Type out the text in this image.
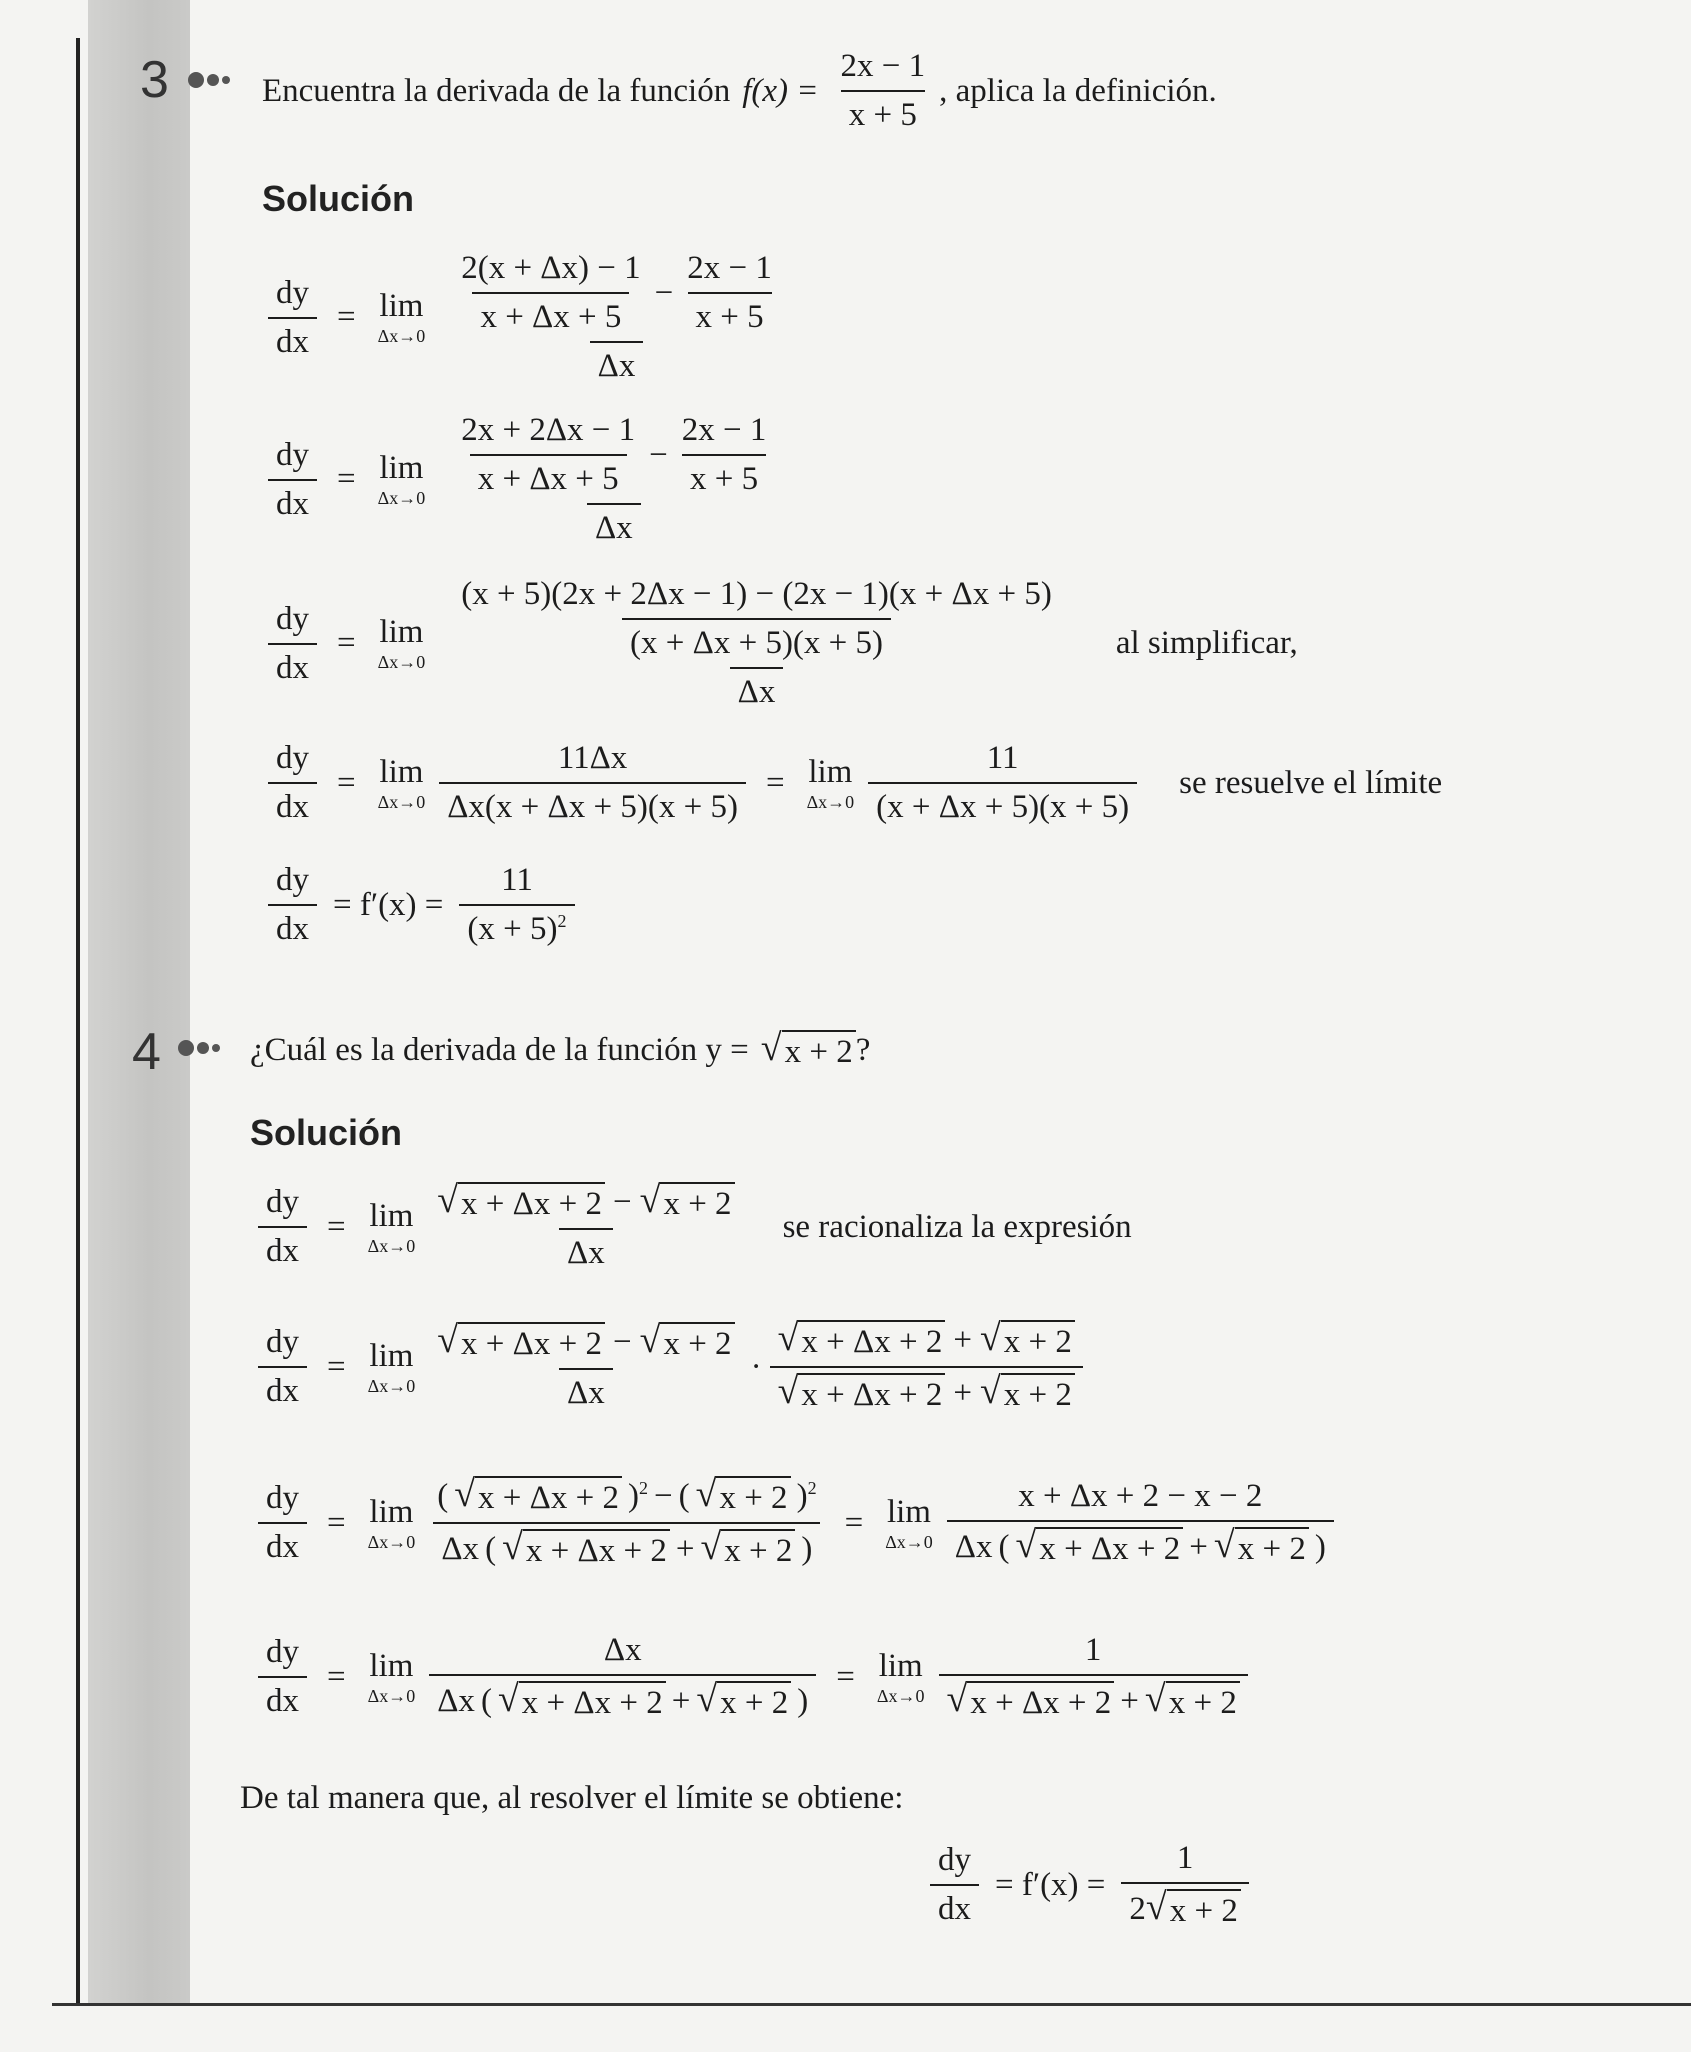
3	Encuentra la derivada de la función $f(x) = \frac{2x - 1}{x + 5}$ , aplica la definición.
Solución
$\frac{dy}{dx} = \lim$
$\Delta x\to 0 \frac{\frac{2(x + \Delta x) - 1}{x + \Delta x + 5} - \frac{2x - 1}{x + 5}}{\Delta x}$
$\frac{dy}{dx} = \lim$
$\Delta x\to 0 \frac{\frac{2x + 2\Delta x - 1}{x + \Delta x + 5} - \frac{2x - 1}{x + 5}}{\Delta x}$
$\frac{dy}{dx} = \lim$
$\Delta x\to 0 \frac{(x + 5)(2x + 2\Delta x - 1) - (2x - 1)(x + \Delta x + 5)}{(x + \Delta x + 5)(x + 5)}$
Δx
al simplificar,
$\frac{dy}{dx} = \lim$
$\Delta x\to 0 \frac{11\Delta x}{\Delta x(x + \Delta x + 5)(x + 5)} = \lim$
$\Delta x\to 0 \frac{11}{(x + \Delta x + 5)(x + 5)}$ se resuelve el límite
$\frac{dy}{dx} = f'(x) = \frac{11}{(x + 5)^2}$
4	¿Cuál es la derivada de la función y = √ x + 2 ?
Solución
$\frac{dy}{dx} = \lim$
$\Delta x\to 0 \frac{√ x + \Delta x + 2 - √ x + 2}{\Delta x}$ se racionaliza la expresión
$\frac{dy}{dx} = \lim$
$\Delta x\to 0 \frac{√ x + \Delta x + 2 - √ x + 2}{\Delta x} \cdot \frac{√ x + \Delta x + 2 + √ x + 2}{√ x + \Delta x + 2 + √ x + 2}$
$\frac{dy}{dx} = \lim$
$\Delta x\to 0 \frac{( √ x + \Delta x + 2 )^2 - ( √ x + 2 )^2}{\Delta x ( √ x + \Delta x + 2 + √ x + 2 )} = \lim$
$\Delta x\to 0 \frac{x + \Delta x + 2 - x - 2}{\Delta x ( √ x + \Delta x + 2 + √ x + 2 )}$
$\frac{dy}{dx} = \lim$
$\Delta x\to 0 \frac{\Delta x}{\Delta x ( √ x + \Delta x + 2 + √ x + 2 )} = \lim$
$\Delta x\to 0 \frac{1}{√ x + \Delta x + 2 + √ x + 2}$
De tal manera que, al resolver el límite se obtiene:
$\frac{dy}{dx} = f'(x) = \frac{1}{2 √ x + 2}$
